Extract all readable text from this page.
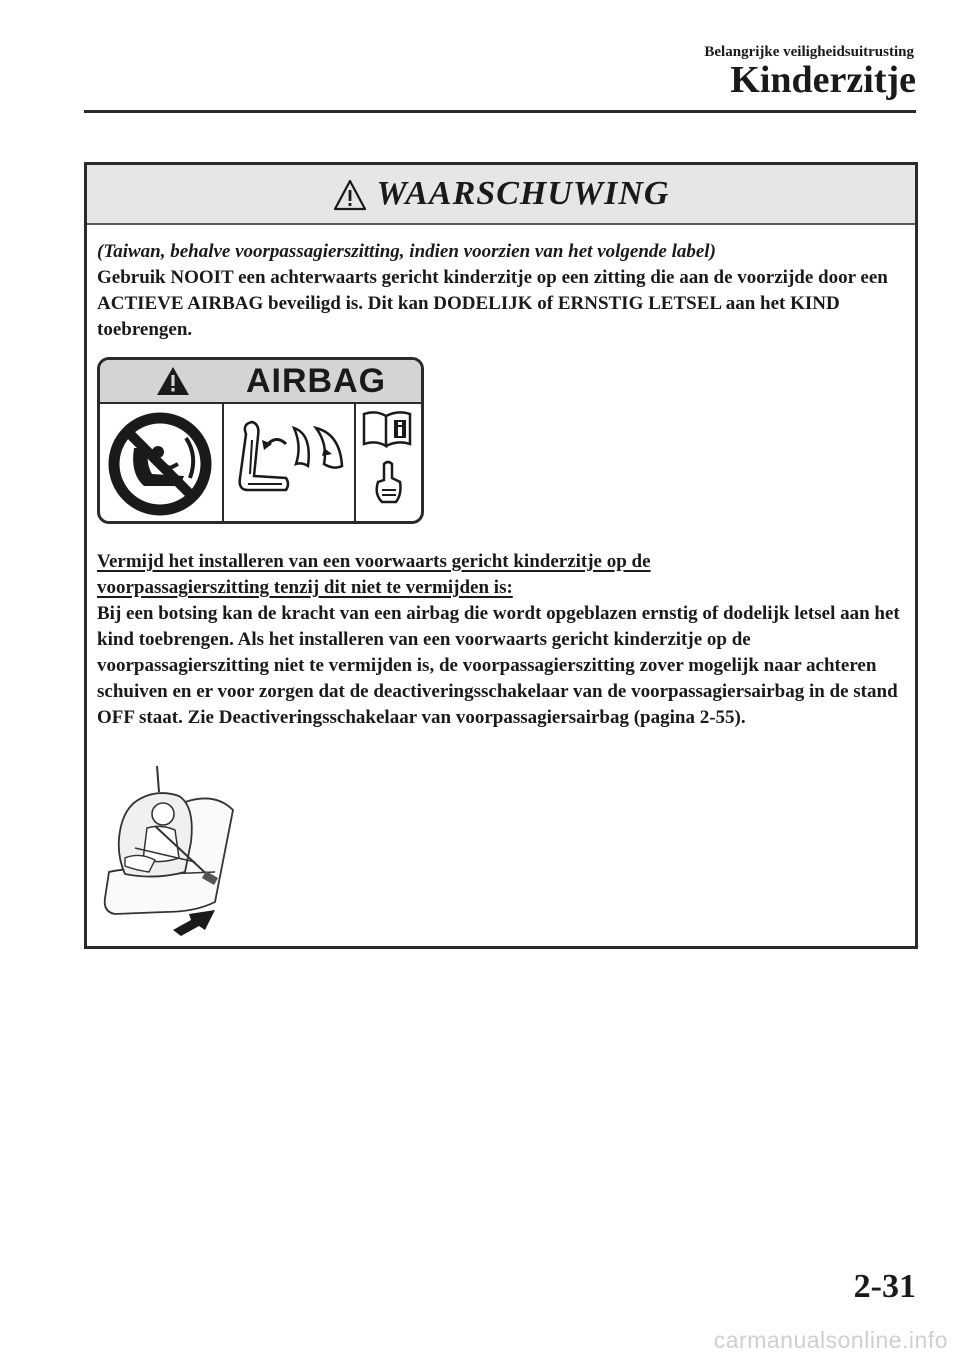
Belangrijke veiligheidsuitrusting
Kinderzitje
WAARSCHUWING
(Taiwan, behalve voorpassagierszitting, indien voorzien van het volgende label)
Gebruik NOOIT een achterwaarts gericht kinderzitje op een zitting die aan de voorzijde door een ACTIEVE AIRBAG beveiligd is. Dit kan DODELIJK of ERNSTIG LETSEL aan het KIND toebrengen.
AIRBAG
Vermijd het installeren van een voorwaarts gericht kinderzitje op de
voorpassagierszitting tenzij dit niet te vermijden is:
Bij een botsing kan de kracht van een airbag die wordt opgeblazen ernstig of dodelijk letsel aan het kind toebrengen. Als het installeren van een voorwaarts gericht kinderzitje op de voorpassagierszitting niet te vermijden is, de voorpassagierszitting zover mogelijk naar achteren schuiven en er voor zorgen dat de deactiveringsschakelaar van de voorpassagiersairbag in de stand OFF staat. Zie Deactiveringsschakelaar van voorpassagiersairbag (pagina 2-55).
2-31
carmanualsonline.info
